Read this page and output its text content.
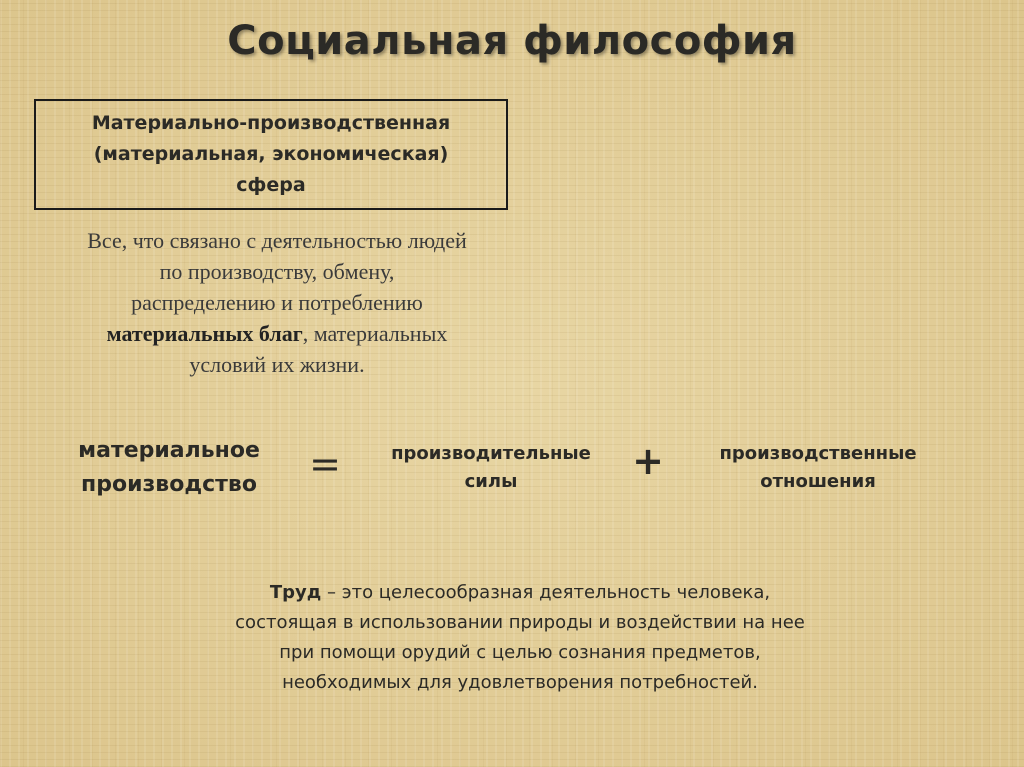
Социальная философия
Материально-производственная
(материальная, экономическая)
сфера
Все, что связано с деятельностью людей
по производству, обмену,
распределению и потреблению
материальных благ, материальных
условий их жизни.
материальное
производство	=	производительные
силы	+	производственные
отношения
Труд – это целесообразная деятельность человека,
состоящая в использовании природы и воздействии на нее
при помощи орудий с целью сознания предметов,
необходимых для удовлетворения потребностей.
